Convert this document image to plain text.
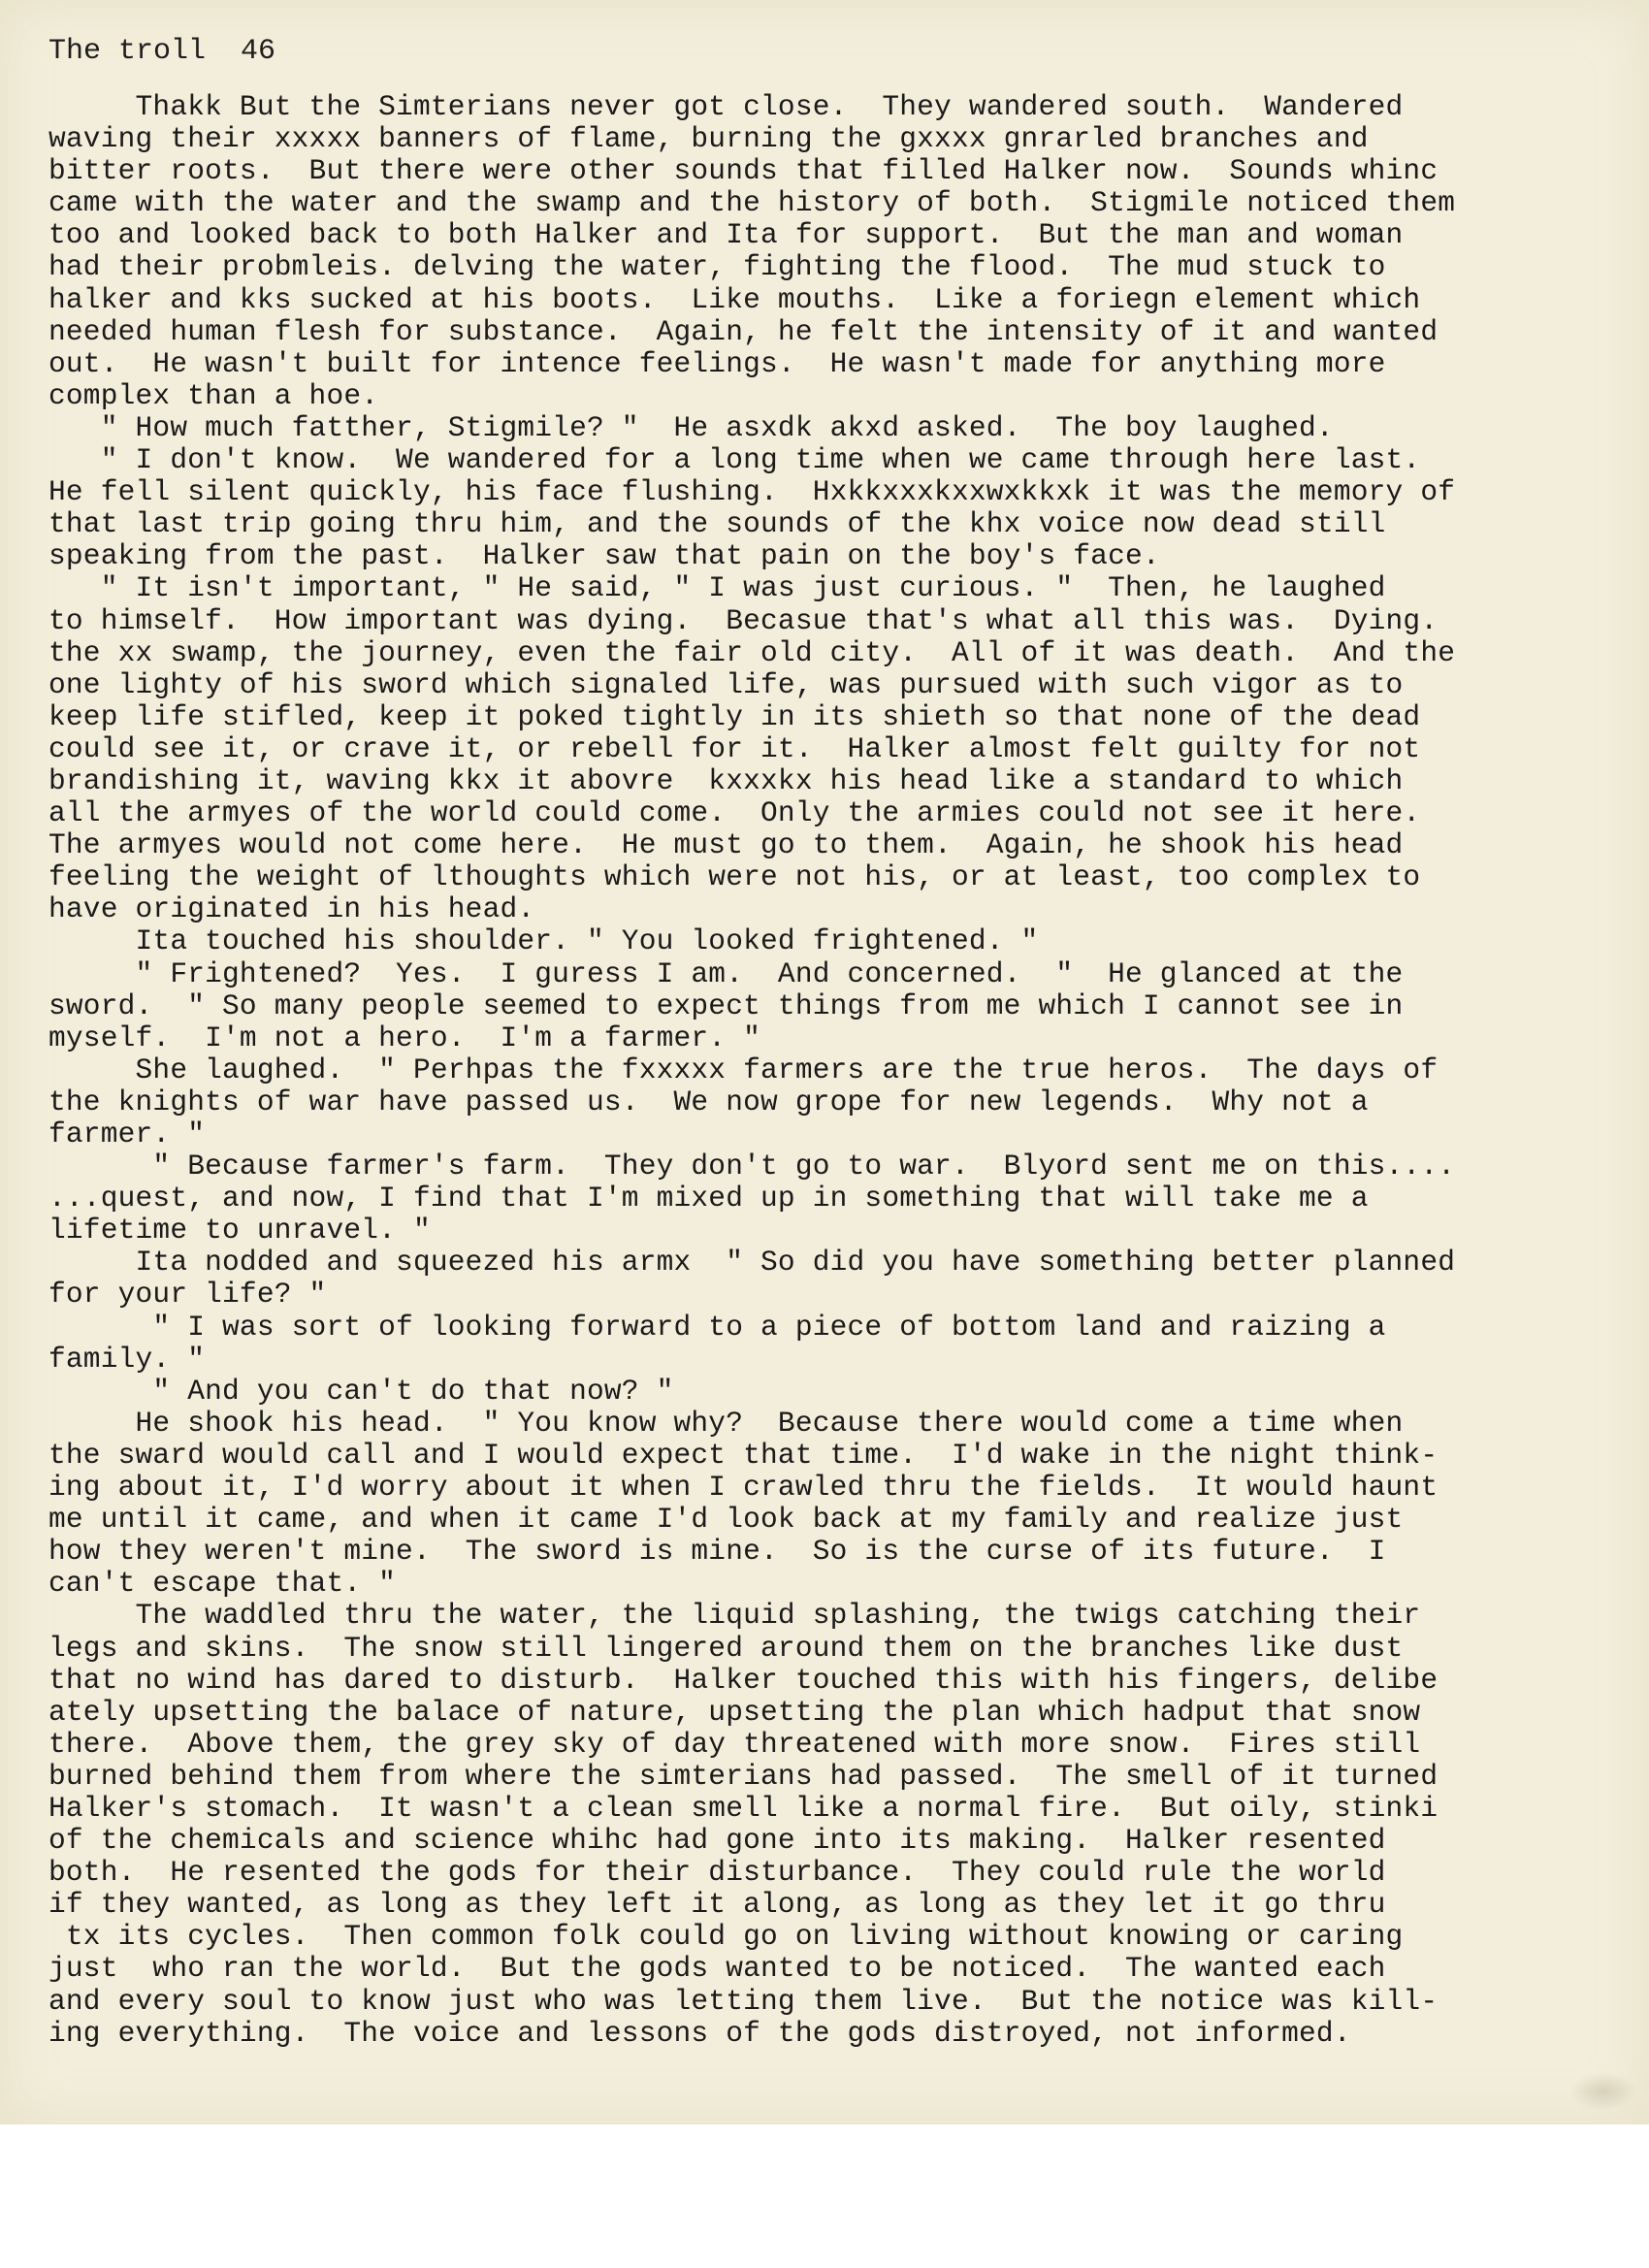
The troll  46
Thakk But the Simterians never got close.  They wandered south.  Wandered
waving their xxxxx banners of flame, burning the gxxxx gnrarled branches and
bitter roots.  But there were other sounds that filled Halker now.  Sounds whinc
came with the water and the swamp and the history of both.  Stigmile noticed them
too and looked back to both Halker and Ita for support.  But the man and woman
had their probmleis. delving the water, fighting the flood.  The mud stuck to
halker and kks sucked at his boots.  Like mouths.  Like a foriegn element which
needed human flesh for substance.  Again, he felt the intensity of it and wanted
out.  He wasn't built for intence feelings.  He wasn't made for anything more
complex than a hoe.
" How much fatther, Stigmile? "  He asxdk akxd asked.  The boy laughed.
" I don't know.  We wandered for a long time when we came through here last.
He fell silent quickly, his face flushing.  Hxkkxxxkxxwxkkxk it was the memory of
that last trip going thru him, and the sounds of the khx voice now dead still
speaking from the past.  Halker saw that pain on the boy's face.
" It isn't important, " He said, " I was just curious. "  Then, he laughed
to himself.  How important was dying.  Becasue that's what all this was.  Dying.
the xx swamp, the journey, even the fair old city.  All of it was death.  And the
one lighty of his sword which signaled life, was pursued with such vigor as to
keep life stifled, keep it poked tightly in its shieth so that none of the dead
could see it, or crave it, or rebell for it.  Halker almost felt guilty for not
brandishing it, waving kkx it abovre  kxxxkx his head like a standard to which
all the armyes of the world could come.  Only the armies could not see it here.
The armyes would not come here.  He must go to them.  Again, he shook his head
feeling the weight of lthoughts which were not his, or at least, too complex to
have originated in his head.
Ita touched his shoulder. " You looked frightened. "
" Frightened?  Yes.  I guress I am.  And concerned.  "  He glanced at the
sword.  " So many people seemed to expect things from me which I cannot see in
myself.  I'm not a hero.  I'm a farmer. "
She laughed.  " Perhpas the fxxxxx farmers are the true heros.  The days of
the knights of war have passed us.  We now grope for new legends.  Why not a
farmer. "
" Because farmer's farm.  They don't go to war.  Blyord sent me on this....
...quest, and now, I find that I'm mixed up in something that will take me a
lifetime to unravel. "
Ita nodded and squeezed his armx  " So did you have something better planned
for your life? "
" I was sort of looking forward to a piece of bottom land and raizing a
family. "
" And you can't do that now? "
He shook his head.  " You know why?  Because there would come a time when
the sward would call and I would expect that time.  I'd wake in the night think-
ing about it, I'd worry about it when I crawled thru the fields.  It would haunt
me until it came, and when it came I'd look back at my family and realize just
how they weren't mine.  The sword is mine.  So is the curse of its future.  I
can't escape that. "
The waddled thru the water, the liquid splashing, the twigs catching their
legs and skins.  The snow still lingered around them on the branches like dust
that no wind has dared to disturb.  Halker touched this with his fingers, delibe
ately upsetting the balace of nature, upsetting the plan which hadput that snow
there.  Above them, the grey sky of day threatened with more snow.  Fires still
burned behind them from where the simterians had passed.  The smell of it turned
Halker's stomach.  It wasn't a clean smell like a normal fire.  But oily, stinki
of the chemicals and science whihc had gone into its making.  Halker resented
both.  He resented the gods for their disturbance.  They could rule the world
if they wanted, as long as they left it along, as long as they let it go thru
tx its cycles.  Then common folk could go on living without knowing or caring
just  who ran the world.  But the gods wanted to be noticed.  The wanted each
and every soul to know just who was letting them live.  But the notice was kill-
ing everything.  The voice and lessons of the gods distroyed, not informed.
